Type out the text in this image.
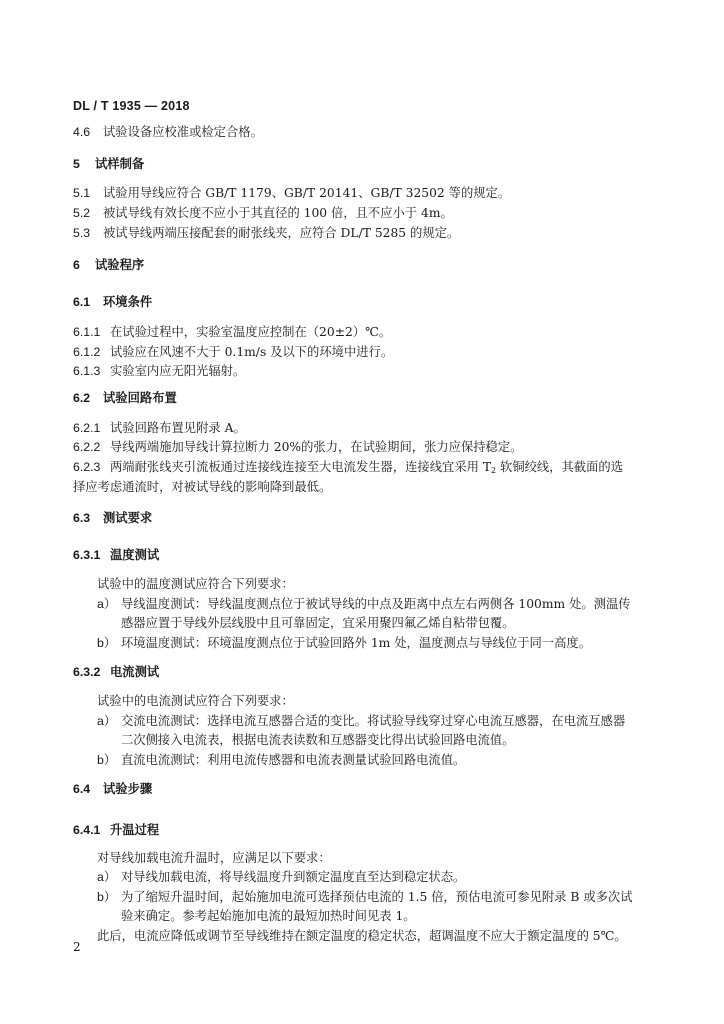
DL / T 1935 — 2018
4.6 试验设备应校准或检定合格。
5 试样制备
5.1 试验用导线应符合 GB/T 1179、GB/T 20141、GB/T 32502 等的规定。
5.2 被试导线有效长度不应小于其直径的 100 倍，且不应小于 4m。
5.3 被试导线两端压接配套的耐张线夹，应符合 DL/T 5285 的规定。
6 试验程序
6.1 环境条件
6.1.1 在试验过程中，实验室温度应控制在（20±2）℃。
6.1.2 试验应在风速不大于 0.1m/s 及以下的环境中进行。
6.1.3 实验室内应无阳光辐射。
6.2 试验回路布置
6.2.1 试验回路布置见附录 A。
6.2.2 导线两端施加导线计算拉断力 20%的张力，在试验期间，张力应保持稳定。
6.2.3 两端耐张线夹引流板通过连接线连接至大电流发生器，连接线宜采用 $T_2$ 软铜绞线，其截面的选
择应考虑通流时，对被试导线的影响降到最低。
6.3 测试要求
6.3.1 温度测试
试验中的温度测试应符合下列要求：
a） 导线温度测试：导线温度测点位于被试导线的中点及距离中点左右两侧各 100mm 处。测温传
感器应置于导线外层线股中且可靠固定，宜采用聚四氟乙烯自粘带包覆。
b） 环境温度测试：环境温度测点位于试验回路外 1m 处，温度测点与导线位于同一高度。
6.3.2 电流测试
试验中的电流测试应符合下列要求：
a） 交流电流测试：选择电流互感器合适的变比。将试验导线穿过穿心电流互感器，在电流互感器
二次侧接入电流表，根据电流表读数和互感器变比得出试验回路电流值。
b） 直流电流测试：利用电流传感器和电流表测量试验回路电流值。
6.4 试验步骤
6.4.1 升温过程
对导线加载电流升温时，应满足以下要求：
a） 对导线加载电流，将导线温度升到额定温度直至达到稳定状态。
b） 为了缩短升温时间，起始施加电流可选择预估电流的 1.5 倍，预估电流可参见附录 B 或多次试
验来确定。参考起始施加电流的最短加热时间见表 1。
此后，电流应降低或调节至导线维持在额定温度的稳定状态，超调温度不应大于额定温度的 5℃。
2
